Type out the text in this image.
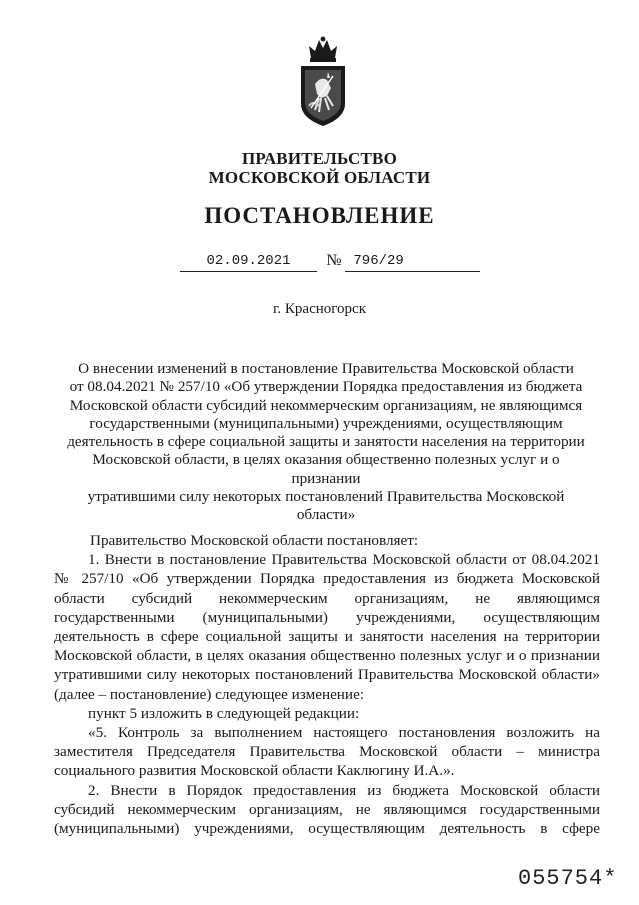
ПРАВИТЕЛЬСТВО
МОСКОВСКОЙ ОБЛАСТИ
ПОСТАНОВЛЕНИЕ
02.09.2021	№ 796/29
г. Красногорск
О внесении изменений в постановление Правительства Московской области
от 08.04.2021 № 257/10 «Об утверждении Порядка предоставления из бюджета
Московской области субсидий некоммерческим организациям, не являющимся
государственными (муниципальными) учреждениями, осуществляющим
деятельность в сфере социальной защиты и занятости населения на территории
Московской области, в целях оказания общественно полезных услуг и о признании
утратившими силу некоторых постановлений Правительства Московской области»

Правительство Московской области постановляет:

1. Внести в постановление Правительства Московской области от 08.04.2021 № 257/10 «Об утверждении Порядка предоставления из бюджета Московской области субсидий некоммерческим организациям, не являющимся государственными (муниципальными) учреждениями, осуществляющим деятельность в сфере социальной защиты и занятости населения на территории Московской области, в целях оказания общественно полезных услуг и о признании утратившими силу некоторых постановлений Правительства Московской области» (далее – постановление) следующее изменение:

пункт 5 изложить в следующей редакции:

«5. Контроль за выполнением настоящего постановления возложить на заместителя Председателя Правительства Московской области – министра социального развития Московской области Каклюгину И.А.».

2. Внести в Порядок предоставления из бюджета Московской области субсидий некоммерческим организациям, не являющимся государственными (муниципальными) учреждениями, осуществляющим деятельность в сфере

055754*
